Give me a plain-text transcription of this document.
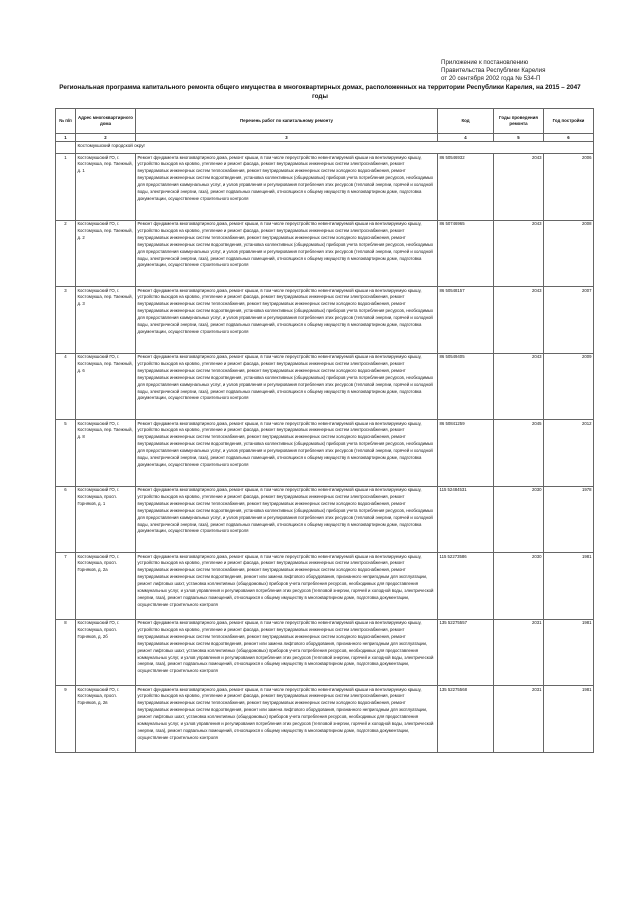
Приложение к постановлению
Правительства Республики Карелия
от 20 сентября 2002 года № 534-П
Региональная программа капитального ремонта общего имущества в многоквартирных домах, расположенных на территории Республики Карелия, на 2015 – 2047 годы
№ п/п	Адрес многоквартирного дома	Перечень работ по капитальному ремонту	Код	Годы проведения ремонта	Год постройки
1	2	3	4	5	6
	Костомукшский городской округ				
1	Костомукшский ГО, г. Костомукша, пер. Таежный, д. 1	Ремонт фундамента многоквартирного дома, ремонт крыши, в том числе переустройство невентилируемой крыши на вентилируемую крышу, устройство выходов на кровлю, утепление и ремонт фасада, ремонт внутридомовых инженерных систем электроснабжения, ремонт внутридомовых инженерных систем теплоснабжения, ремонт внутридомовых инженерных систем холодного водоснабжения, ремонт внутридомовых инженерных систем водоотведения, установка коллективных (общедомовых) приборов учета потребления ресурсов, необходимых для предоставления коммунальных услуг, и узлов управления и регулирования потребления этих ресурсов (тепловой энергии, горячей и холодной воды, электрической энергии, газа), ремонт подвальных помещений, относящихся к общему имуществу в многоквартирном доме, подготовка документации, осуществление строительного контроля	86 50546932	2043	2006
2	Костомукшский ГО, г. Костомукша, пер. Таежный, д. 2	Ремонт фундамента многоквартирного дома, ремонт крыши, в том числе переустройство невентилируемой крыши на вентилируемую крышу, устройство выходов на кровлю, утепление и ремонт фасада, ремонт внутридомовых инженерных систем электроснабжения, ремонт внутридомовых инженерных систем теплоснабжения, ремонт внутридомовых инженерных систем холодного водоснабжения, ремонт внутридомовых инженерных систем водоотведения, установка коллективных (общедомовых) приборов учета потребления ресурсов, необходимых для предоставления коммунальных услуг, и узлов управления и регулирования потребления этих ресурсов (тепловой энергии, горячей и холодной воды, электрической энергии, газа), ремонт подвальных помещений, относящихся к общему имуществу в многоквартирном доме, подготовка документации, осуществление строительного контроля	86 50746965	2043	2008
3	Костомукшский ГО, г. Костомукша, пер. Таежный, д. 3	Ремонт фундамента многоквартирного дома, ремонт крыши, в том числе переустройство невентилируемой крыши на вентилируемую крышу, устройство выходов на кровлю, утепление и ремонт фасада, ремонт внутридомовых инженерных систем электроснабжения, ремонт внутридомовых инженерных систем теплоснабжения, ремонт внутридомовых инженерных систем холодного водоснабжения, ремонт внутридомовых инженерных систем водоотведения, установка коллективных (общедомовых) приборов учета потребления ресурсов, необходимых для предоставления коммунальных услуг, и узлов управления и регулирования потребления этих ресурсов (тепловой энергии, горячей и холодной воды, электрической энергии, газа), ремонт подвальных помещений, относящихся к общему имуществу в многоквартирном доме, подготовка документации, осуществление строительного контроля	86 50548157	2043	2007
4	Костомукшский ГО, г. Костомукша, пер. Таежный, д. 6	Ремонт фундамента многоквартирного дома, ремонт крыши, в том числе переустройство невентилируемой крыши на вентилируемую крышу, устройство выходов на кровлю, утепление и ремонт фасада, ремонт внутридомовых инженерных систем электроснабжения, ремонт внутридомовых инженерных систем теплоснабжения, ремонт внутридомовых инженерных систем холодного водоснабжения, ремонт внутридомовых инженерных систем водоотведения, установка коллективных (общедомовых) приборов учета потребления ресурсов, необходимых для предоставления коммунальных услуг, и узлов управления и регулирования потребления этих ресурсов (тепловой энергии, горячей и холодной воды, электрической энергии, газа), ремонт подвальных помещений, относящихся к общему имуществу в многоквартирном доме, подготовка документации, осуществление строительного контроля	86 50549405	2043	2009
5	Костомукшский ГО, г. Костомукша, пер. Таежный, д. 8	Ремонт фундамента многоквартирного дома, ремонт крыши, в том числе переустройство невентилируемой крыши на вентилируемую крышу, устройство выходов на кровлю, утепление и ремонт фасада, ремонт внутридомовых инженерных систем электроснабжения, ремонт внутридомовых инженерных систем теплоснабжения, ремонт внутридомовых инженерных систем холодного водоснабжения, ремонт внутридомовых инженерных систем водоотведения, установка коллективных (общедомовых) приборов учета потребления ресурсов, необходимых для предоставления коммунальных услуг, и узлов управления и регулирования потребления этих ресурсов (тепловой энергии, горячей и холодной воды, электрической энергии, газа), ремонт подвальных помещений, относящихся к общему имуществу в многоквартирном доме, подготовка документации, осуществление строительного контроля	86 50841259	2045	2012
6	Костомукшский ГО, г. Костомукша, просп. Горняков, д. 1	Ремонт фундамента многоквартирного дома, ремонт крыши, в том числе переустройство невентилируемой крыши на вентилируемую крышу, устройство выходов на кровлю, утепление и ремонт фасада, ремонт внутридомовых инженерных систем электроснабжения, ремонт внутридомовых инженерных систем теплоснабжения, ремонт внутридомовых инженерных систем холодного водоснабжения, ремонт внутридомовых инженерных систем водоотведения, установка коллективных (общедомовых) приборов учета потребления ресурсов, необходимых для предоставления коммунальных услуг, и узлов управления и регулирования потребления этих ресурсов (тепловой энергии, горячей и холодной воды, электрической энергии, газа), ремонт подвальных помещений, относящихся к общему имуществу в многоквартирном доме, подготовка документации, осуществление строительного контроля	115 52484531	2030	1978
7	Костомукшский ГО, г. Костомукша, просп. Горняков, д. 2а	Ремонт фундамента многоквартирного дома, ремонт крыши, в том числе переустройство невентилируемой крыши на вентилируемую крышу, устройство выходов на кровлю, утепление и ремонт фасада, ремонт внутридомовых инженерных систем электроснабжения, ремонт внутридомовых инженерных систем теплоснабжения, ремонт внутридомовых инженерных систем холодного водоснабжения, ремонт внутридомовых инженерных систем водоотведения, ремонт или замена лифтового оборудования, признанного непригодным для эксплуатации, ремонт лифтовых шахт, установка коллективных (общедомовых) приборов учета потребления ресурсов, необходимых для предоставления коммунальных услуг, и узлов управления и регулирования потребления этих ресурсов (тепловой энергии, горячей и холодной воды, электрической энергии, газа), ремонт подвальных помещений, относящихся к общему имуществу в многоквартирном доме, подготовка документации, осуществление строительного контроля	115 52273586	2030	1981
8	Костомукшский ГО, г. Костомукша, просп. Горняков, д. 2б	Ремонт фундамента многоквартирного дома, ремонт крыши, в том числе переустройство невентилируемой крыши на вентилируемую крышу, устройство выходов на кровлю, утепление и ремонт фасада, ремонт внутридомовых инженерных систем электроснабжения, ремонт внутридомовых инженерных систем теплоснабжения, ремонт внутридомовых инженерных систем холодного водоснабжения, ремонт внутридомовых инженерных систем водоотведения, ремонт или замена лифтового оборудования, признанного непригодным для эксплуатации, ремонт лифтовых шахт, установка коллективных (общедомовых) приборов учета потребления ресурсов, необходимых для предоставления коммунальных услуг, и узлов управления и регулирования потребления этих ресурсов (тепловой энергии, горячей и холодной воды, электрической энергии, газа), ремонт подвальных помещений, относящихся к общему имуществу в многоквартирном доме, подготовка документации, осуществление строительного контроля	135 52275557	2031	1981
9	Костомукшский ГО, г. Костомукша, просп. Горняков, д. 2в	Ремонт фундамента многоквартирного дома, ремонт крыши, в том числе переустройство невентилируемой крыши на вентилируемую крышу, устройство выходов на кровлю, утепление и ремонт фасада, ремонт внутридомовых инженерных систем электроснабжения, ремонт внутридомовых инженерных систем теплоснабжения, ремонт внутридомовых инженерных систем холодного водоснабжения, ремонт внутридомовых инженерных систем водоотведения, ремонт или замена лифтового оборудования, признанного непригодным для эксплуатации, ремонт лифтовых шахт, установка коллективных (общедомовых) приборов учета потребления ресурсов, необходимых для предоставления коммунальных услуг, и узлов управления и регулирования потребления этих ресурсов (тепловой энергии, горячей и холодной воды, электрической энергии, газа), ремонт подвальных помещений, относящихся к общему имуществу в многоквартирном доме, подготовка документации, осуществление строительного контроля	135 52275568	2031	1981
